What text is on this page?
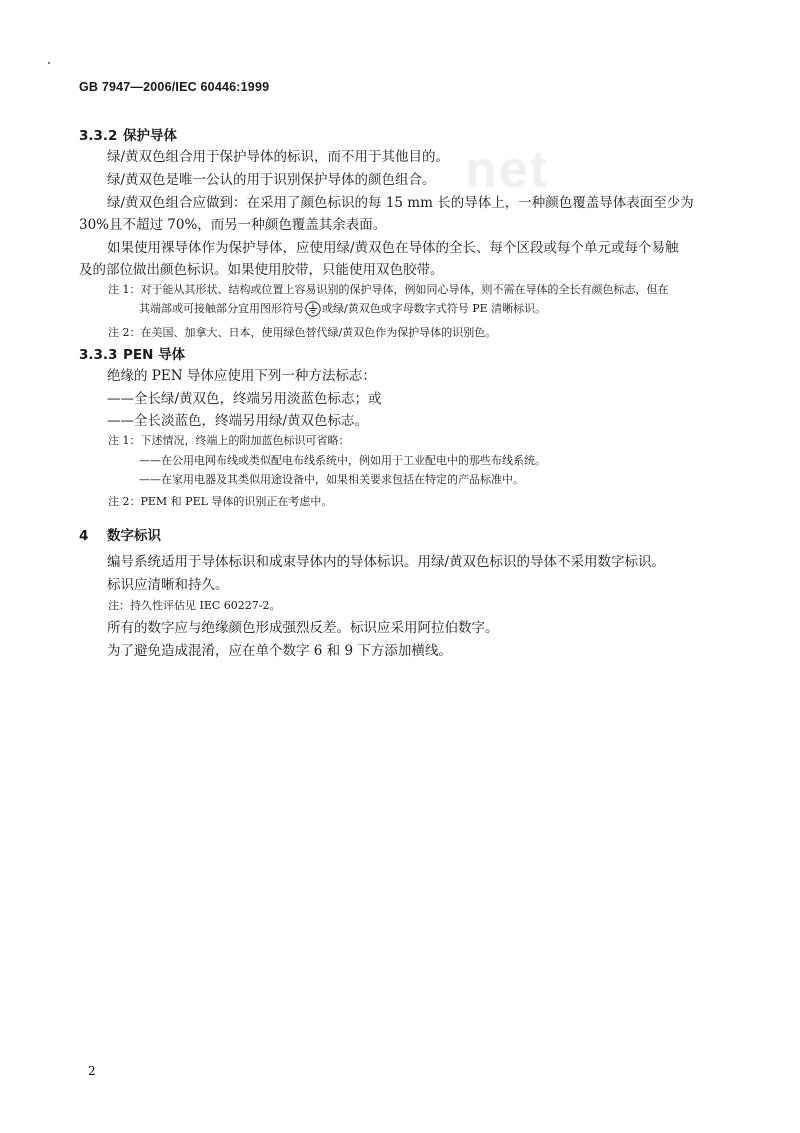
GB 7947—2006/IEC 60446:1999
net
3.3.2 保护导体
绿/黄双色组合用于保护导体的标识，而不用于其他目的。
绿/黄双色是唯一公认的用于识别保护导体的颜色组合。
绿/黄双色组合应做到：在采用了颜色标识的每 15 mm 长的导体上，一种颜色覆盖导体表面至少为
30%且不超过 70%，而另一种颜色覆盖其余表面。
如果使用裸导体作为保护导体，应使用绿/黄双色在导体的全长、每个区段或每个单元或每个易触
及的部位做出颜色标识。如果使用胶带，只能使用双色胶带。
注 1：对于能从其形状、结构或位置上容易识别的保护导体，例如同心导体，则不需在导体的全长有颜色标志，但在
其端部或可接触部分宜用图形符号 或绿/黄双色或字母数字式符号 PE 清晰标识。
注 2：在美国、加拿大、日本，使用绿色替代绿/黄双色作为保护导体的识别色。
3.3.3 PEN 导体
绝缘的 PEN 导体应使用下列一种方法标志：
——全长绿/黄双色，终端另用淡蓝色标志；或
——全长淡蓝色，终端另用绿/黄双色标志。
注 1：下述情况，终端上的附加蓝色标识可省略：
——在公用电网布线或类似配电布线系统中，例如用于工业配电中的那些布线系统。
——在家用电器及其类似用途设备中，如果相关要求包括在特定的产品标准中。
注 2：PEM 和 PEL 导体的识别正在考虑中。
4 数字标识
编号系统适用于导体标识和成束导体内的导体标识。用绿/黄双色标识的导体不采用数字标识。
标识应清晰和持久。
注：持久性评估见 IEC 60227-2。
所有的数字应与绝缘颜色形成强烈反差。标识应采用阿拉伯数字。
为了避免造成混淆，应在单个数字 6 和 9 下方添加横线。
2
